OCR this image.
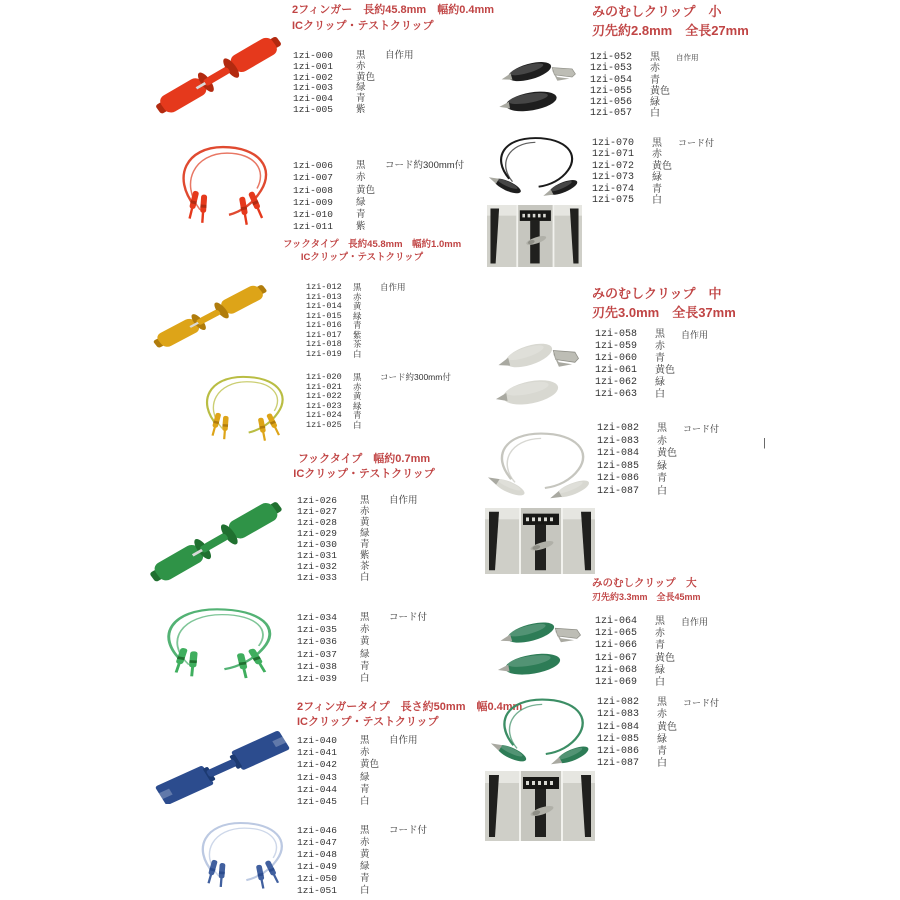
2フィンガー　長約45.8mm　幅約0.4mm
ICクリップ・テストクリップ
1zi-000	黒	自作用
1zi-001	赤
1zi-002	黄色
1zi-003	緑
1zi-004	青
1zi-005	紫
1zi-006	黒	コード約300mm付
1zi-007	赤
1zi-008	黄色
1zi-009	緑
1zi-010	青
1zi-011	紫
フックタイプ　長約45.8mm　幅約1.0mm
ICクリップ・テストクリップ
1zi-012	黒	自作用
1zi-013	赤
1zi-014	黄
1zi-015	緑
1zi-016	青
1zi-017	紫
1zi-018	茶
1zi-019	白
1zi-020	黒	コード約300mm付
1zi-021	赤
1zi-022	黄
1zi-023	緑
1zi-024	青
1zi-025	白
フックタイプ　幅約0.7mm
ICクリップ・テストクリップ
1zi-026	黒	自作用
1zi-027	赤
1zi-028	黄
1zi-029	緑
1zi-030	青
1zi-031	紫
1zi-032	茶
1zi-033	白
1zi-034	黒	コード付
1zi-035	赤
1zi-036	黄
1zi-037	緑
1zi-038	青
1zi-039	白
2フィンガータイプ　長さ約50mm　幅0.4mm
ICクリップ・テストクリップ
1zi-040	黒	自作用
1zi-041	赤
1zi-042	黄色
1zi-043	緑
1zi-044	青
1zi-045	白
1zi-046	黒	コード付
1zi-047	赤
1zi-048	黄
1zi-049	緑
1zi-050	青
1zi-051	白
みのむしクリップ　小
刃先約2.8mm　全長27mm
1zi-052	黒	自作用
1zi-053	赤
1zi-054	青
1zi-055	黄色
1zi-056	緑
1zi-057	白
1zi-070	黒	コード付
1zi-071	赤
1zi-072	黄色
1zi-073	緑
1zi-074	青
1zi-075	白
みのむしクリップ　中
刃先3.0mm　全長37mm
1zi-058	黒	自作用
1zi-059	赤
1zi-060	青
1zi-061	黄色
1zi-062	緑
1zi-063	白
1zi-082	黒	コード付
1zi-083	赤
1zi-084	黄色
1zi-085	緑
1zi-086	青
1zi-087	白
|
みのむしクリップ　大
刃先約3.3mm　全長45mm
1zi-064	黒	自作用
1zi-065	赤
1zi-066	青
1zi-067	黄色
1zi-068	緑
1zi-069	白
1zi-082	黒	コード付
1zi-083	赤
1zi-084	黄色
1zi-085	緑
1zi-086	青
1zi-087	白
